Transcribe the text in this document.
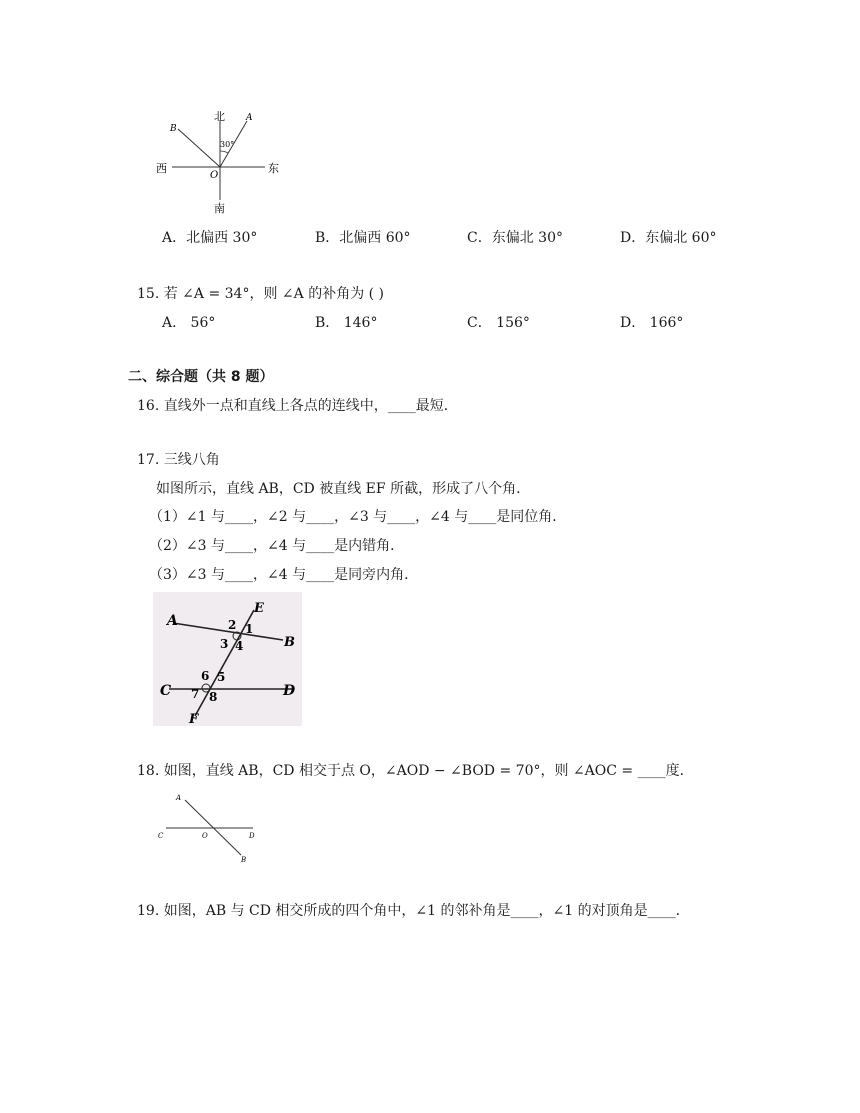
北 A
B
30°
西	东
O
南
A．北偏西 30°	B．北偏西 60°	C．东偏北 30°	D．东偏北 60°
15. 若 ∠A = 34°，则 ∠A 的补角为 ( )
A． 56°	B． 146°	C． 156°	D． 166°
二、综合题（共 8 题）
16. 直线外一点和直线上各点的连线中，____最短．
17. 三线八角
如图所示，直线 AB，CD 被直线 EF 所截，形成了八个角．
（1）∠1 与____，∠2 与____，∠3 与____，∠4 与____是同位角．
（2）∠3 与____，∠4 与____是内错角．
（3）∠3 与____，∠4 与____是同旁内角．
A
B
C	D
E
F
2 1
3 4
6 5
7 8
18. 如图，直线 AB，CD 相交于点 O，∠AOD − ∠BOD = 70°，则 ∠AOC = ____度．
A
C	O	D
B
19. 如图，AB 与 CD 相交所成的四个角中，∠1 的邻补角是____，∠1 的对顶角是____．
